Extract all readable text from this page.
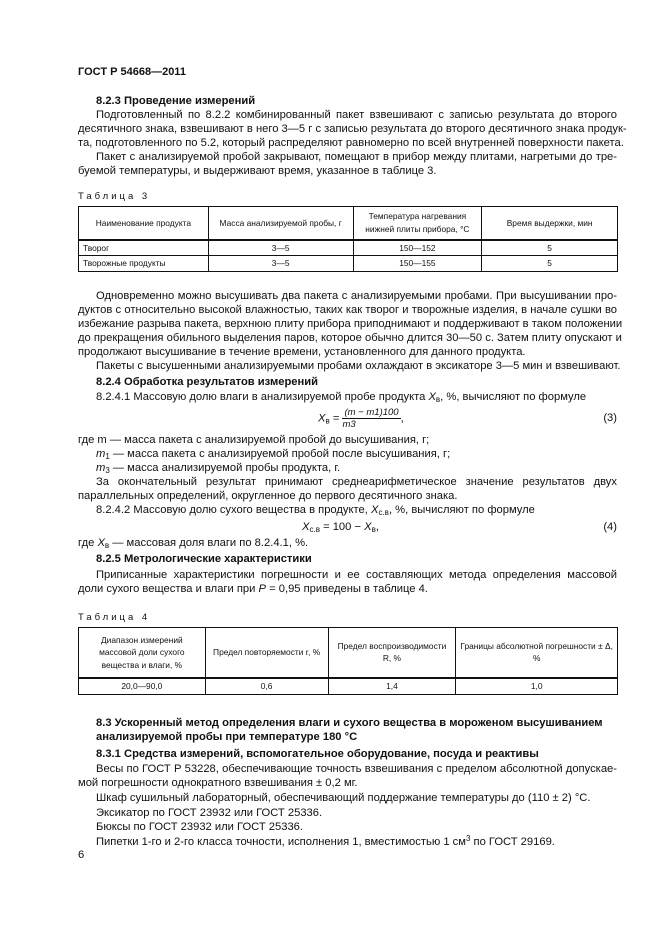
ГОСТ Р 54668—2011
8.2.3 Проведение измерений
Подготовленный по 8.2.2 комбинированный пакет взвешивают с записью результата до второго
десятичного знака, взвешивают в него 3—5 г с записью результата до второго десятичного знака продук-
та, подготовленного по 5.2, который распределяют равномерно по всей внутренней поверхности пакета.
Пакет с анализируемой пробой закрывают, помещают в прибор между плитами, нагретыми до тре-
буемой температуры, и выдерживают время, указанное в таблице 3.
Таблица 3
Наименование продукта	Масса анализируемой пробы, г	Температура нагревания нижней плиты прибора, °С	Время выдержки, мин
Творог	3—5	150—152	5
Творожные продукты	3—5	150—155	5
Одновременно можно высушивать два пакета с анализируемыми пробами. При высушивании про-
дуктов с относительно высокой влажностью, таких как творог и творожные изделия, в начале сушки во
избежание разрыва пакета, верхнюю плиту прибора приподнимают и поддерживают в таком положении
до прекращения обильного выделения паров, которое обычно длится 30—50 с. Затем плиту опускают и
продолжают высушивание в течение времени, установленного для данного продукта.
Пакеты с высушенными анализируемыми пробами охлаждают в эксикаторе 3—5 мин и взвешивают.
8.2.4 Обработка результатов измерений
8.2.4.1 Массовую долю влаги в анализируемой пробе продукта $X_в$, %, вычисляют по формуле
$X_в = \frac{(m - m1)100}{m3}$ ,	(3)
где m — масса пакета с анализируемой пробой до высушивания, г;
$m_1$ — масса пакета с анализируемой пробой после высушивания, г;
$m_3$ — масса анализируемой пробы продукта, г.
За окончательный результат принимают среднеарифметическое значение результатов двух
параллельных определений, округленное до первого десятичного знака.
8.2.4.2 Массовую долю сухого вещества в продукте, $X_{с.в}$, %, вычисляют по формуле
$X_{с.в} = 100 - X_в$,	(4)
где $X_в$ — массовая доля влаги по 8.2.4.1, %.
8.2.5 Метрологические характеристики
Приписанные характеристики погрешности и ее составляющих метода определения массовой
доли сухого вещества и влаги при P = 0,95 приведены в таблице 4.
Таблица 4
Диапазон измерений массовой доли сухого вещества и влаги, %	Предел повторяемости r, %	Предел воспроизводимости R, %	Границы абсолютной погрешности ± Δ, %
20,0—90,0	0,6	1,4	1,0
8.3 Ускоренный метод определения влаги и сухого вещества в мороженом высушиванием
анализируемой пробы при температуре 180 °С
8.3.1 Средства измерений, вспомогательное оборудование, посуда и реактивы
Весы по ГОСТ Р 53228, обеспечивающие точность взвешивания с пределом абсолютной допускае-
мой погрешности однократного взвешивания ± 0,2 мг.
Шкаф сушильный лабораторный, обеспечивающий поддержание температуры до (110 ± 2) °С.
Эксикатор по ГОСТ 23932 или ГОСТ 25336.
Бюксы по ГОСТ 23932 или ГОСТ 25336.
Пипетки 1-го и 2-го класса точности, исполнения 1, вместимостью 1 $см^3$ по ГОСТ 29169.
6
